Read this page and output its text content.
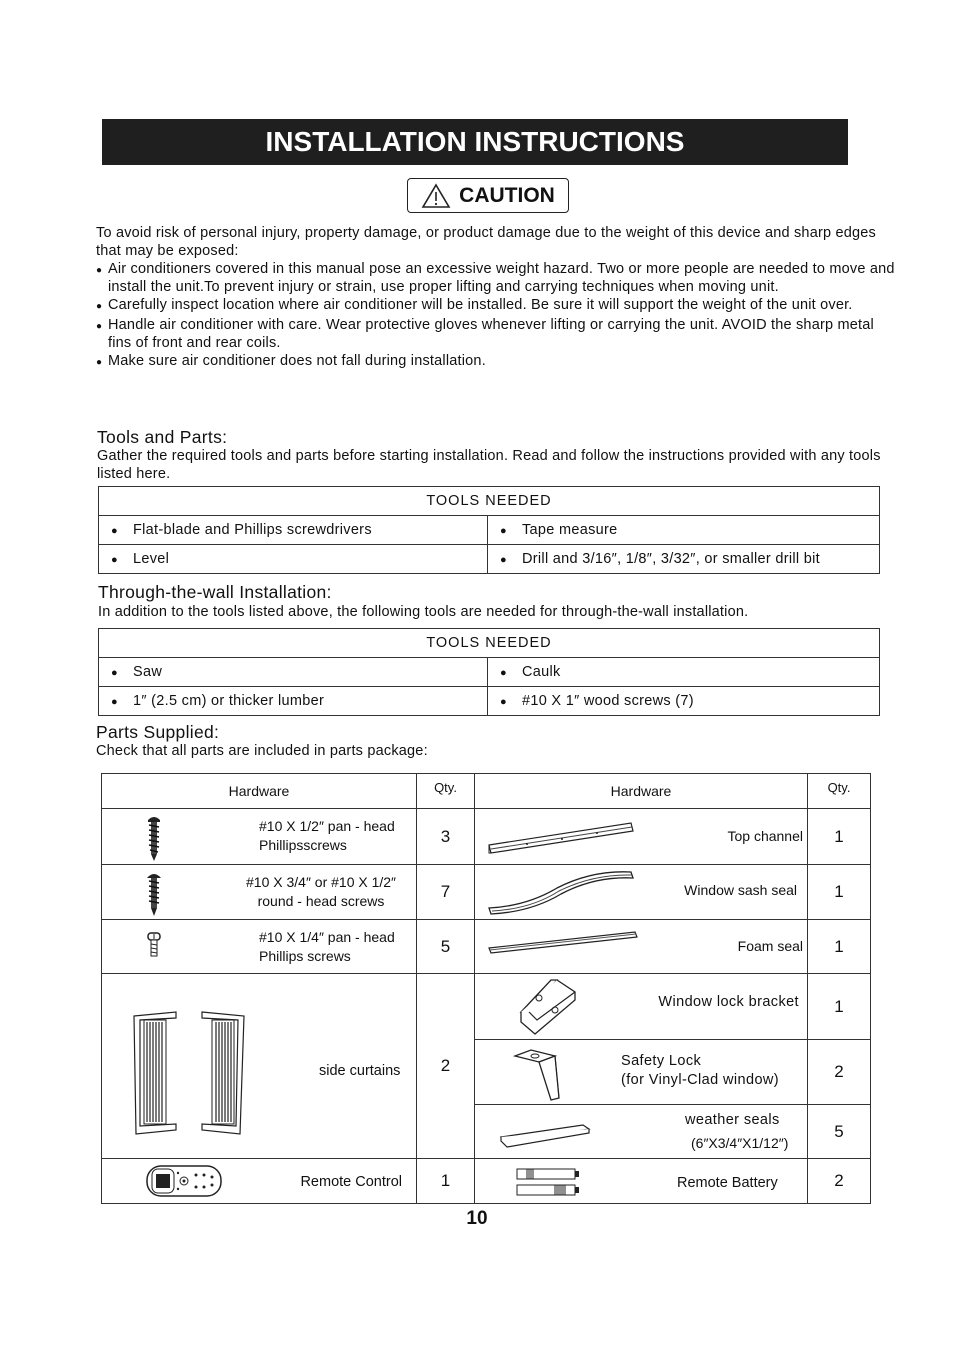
INSTALLATION INSTRUCTIONS
CAUTION

To avoid risk of personal injury, property damage, or product damage due to the weight of this device and sharp edges that may be exposed:

● Air conditioners covered in this manual pose an excessive weight hazard. Two or more people are needed to move and install the unit.To prevent injury or strain, use proper lifting and carrying techniques when moving unit.
● Carefully inspect location where air conditioner will be installed. Be sure it will support the weight of the unit over.
● Handle air conditioner with care. Wear protective gloves whenever lifting or carrying the unit. AVOID the sharp metal fins of front and rear coils.
● Make sure air conditioner does not fall during installation.
Tools and Parts:
Gather the required tools and parts before starting installation. Read and follow the instructions provided with any tools listed here.
TOOLS NEEDED	
● Flat-blade and Phillips screwdrivers	● Tape measure
● Level	● Drill and 3/16″, 1/8″, 3/32″, or smaller drill bit
Through-the-wall Installation:
In addition to the tools listed above, the following tools are needed for through-the-wall installation.
TOOLS NEEDED	
● Saw	● Caulk
● 1″ (2.5 cm) or thicker lumber	● #10 X 1″ wood screws (7)
Parts Supplied:
Check that all parts are included in parts package:
Hardware	Qty.	Hardware	Qty.

#10 X 1/2″ pan - head
Phillipsscrews	3	Top channel	1

#10 X 3/4″ or #10 X 1/2″
round - head screws	7	Window sash seal	1

#10 X 1/4″ pan - head
Phillips screws	5	Foam seal	1

side curtains	2	Window lock bracket	1

		Safety Lock
(for Vinyl-Clad window)	2

		weather seals
(6″X3/4″X1/12″)	5

Remote Control	1	Remote Battery	2
10
